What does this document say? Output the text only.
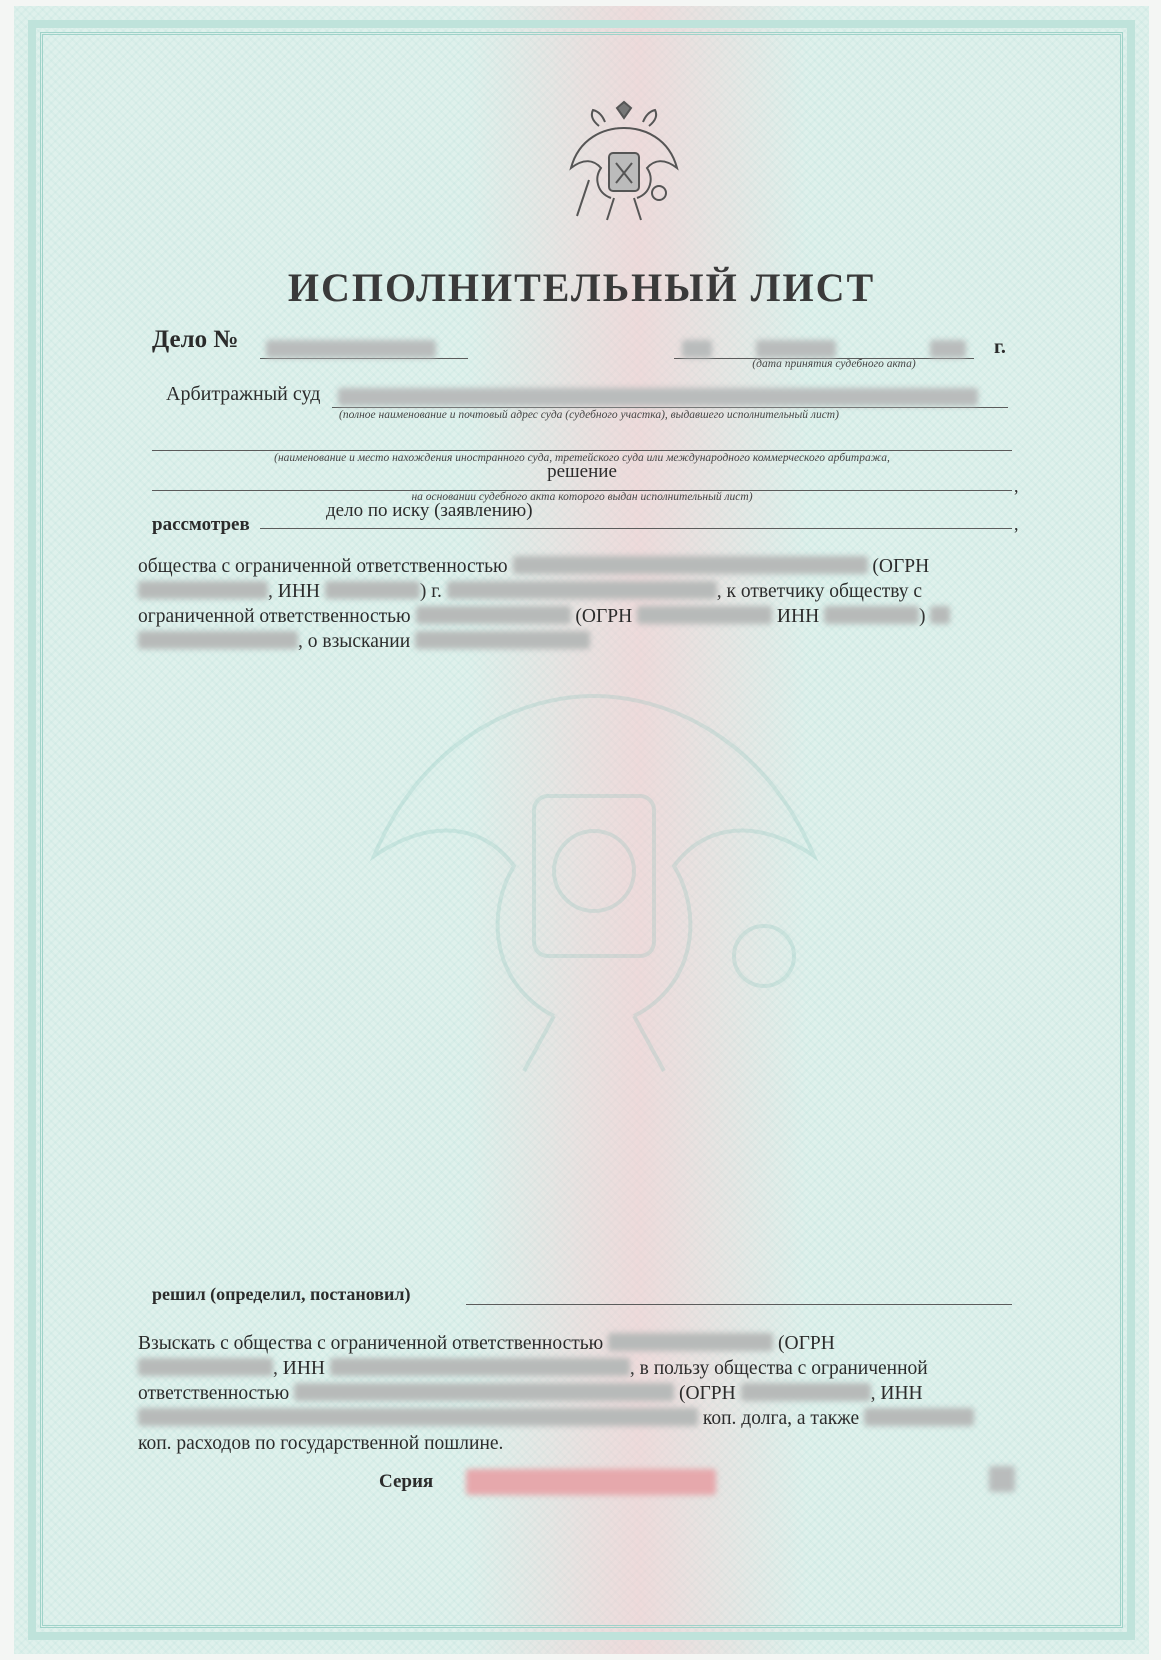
ИСПОЛНИТЕЛЬНЫЙ ЛИСТ
Дело №
	г.
(дата принятия судебного акта)
Арбитражный суд
(полное наименование и почтовый адрес суда (судебного участка), выдавшего исполнительный лист)
(наименование и место нахождения иностранного суда, третейского суда или международного коммерческого арбитража,
решение
,
на основании судебного акта которого выдан исполнительный лист)
рассмотрев
дело по иску (заявлению)
,
общества с ограниченной ответственностью	(ОГРН
, ИНН	) г.	, к ответчику обществу с
ограниченной ответственностью	(ОГРН	ИНН	)
, о взыскании
решил (определил, постановил)
Взыскать с общества с ограниченной ответственностью	(ОГРН
, ИНН	, в пользу общества с ограниченной
ответственностью	(ОГРН	, ИНН
коп. долга, а также
коп. расходов по государственной пошлине.
Серия
